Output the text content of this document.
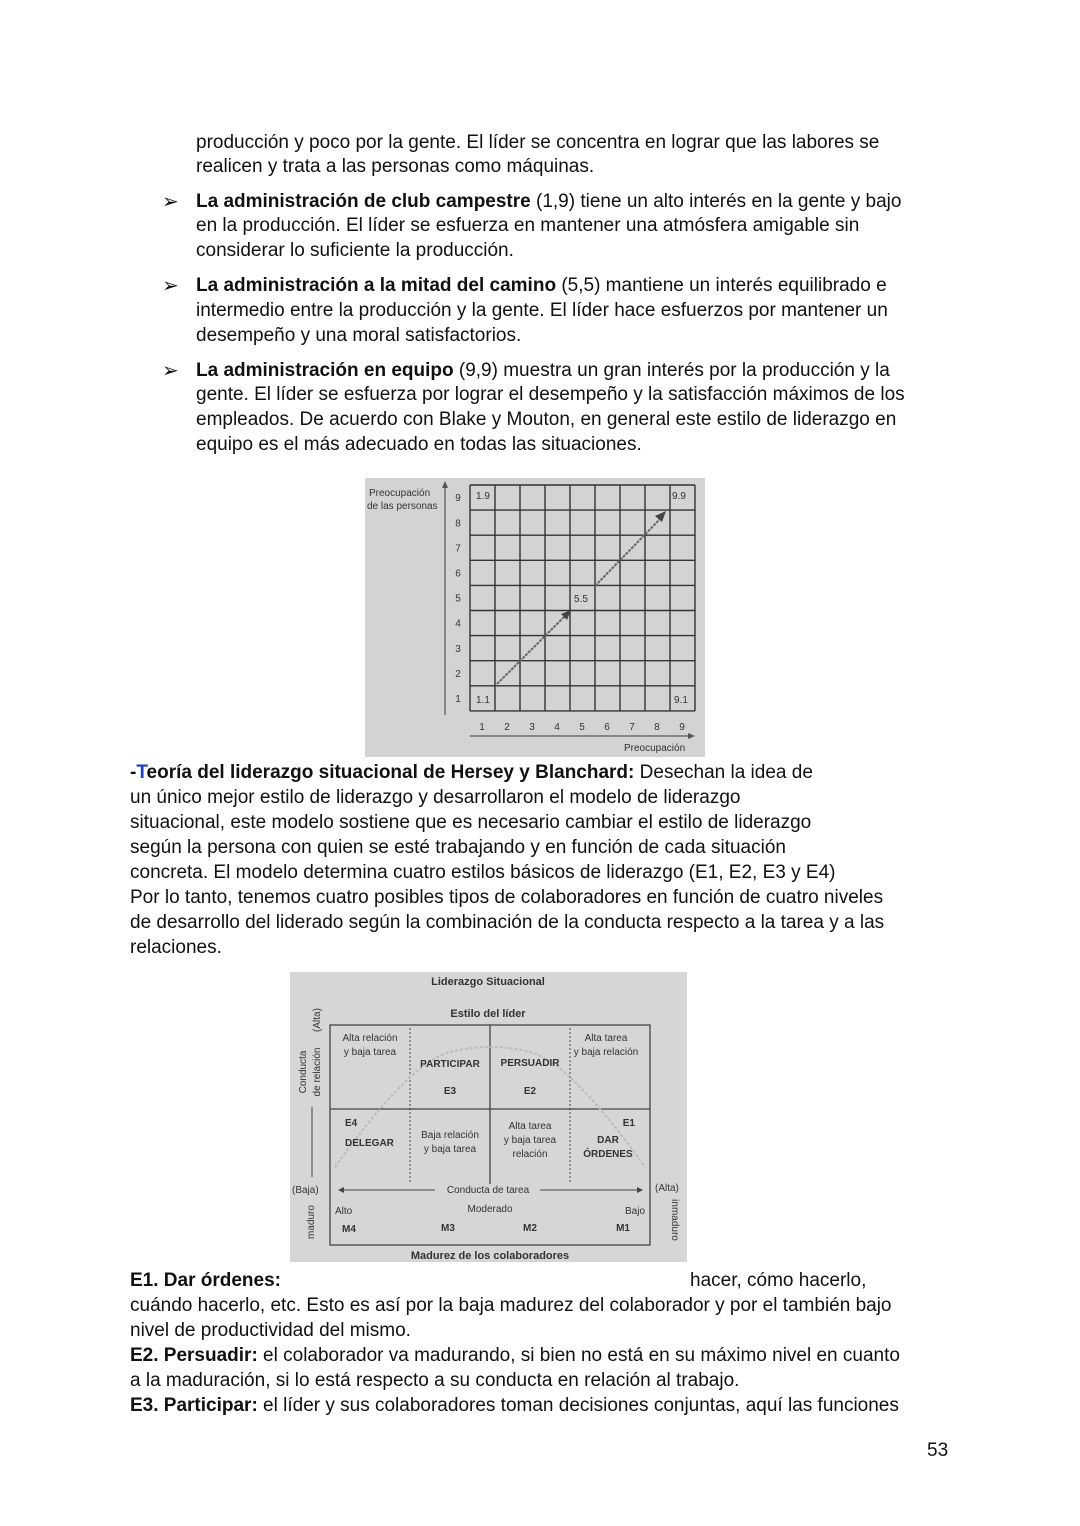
producción y poco por la gente. El líder se concentra en lograr que las labores se
realicen y trata a las personas como máquinas.
➢ La administración de club campestre (1,9) tiene un alto interés en la gente y bajo
en la producción. El líder se esfuerza en mantener una atmósfera amigable sin
considerar lo suficiente la producción.
➢ La administración a la mitad del camino (5,5) mantiene un interés equilibrado e
intermedio entre la producción y la gente. El líder hace esfuerzos por mantener un
desempeño y una moral satisfactorios.
➢ La administración en equipo (9,9) muestra un gran interés por la producción y la
gente. El líder se esfuerza por lograr el desempeño y la satisfacción máximos de los
empleados. De acuerdo con Blake y Mouton, en general este estilo de liderazgo en
equipo es el más adecuado en todas las situaciones.
Preocupación
de las personas
1.9	9.9
5.5
1.1	9.1
1
1
2
2
3
3
4
4
5
5
6
6
7
7
8
8
9
9
Preocupación
-Teoría del liderazgo situacional de Hersey y Blanchard: Desechan la idea de
un único mejor estilo de liderazgo y desarrollaron el modelo de liderazgo
situacional, este modelo sostiene que es necesario cambiar el estilo de liderazgo
según la persona con quien se esté trabajando y en función de cada situación
concreta. El modelo determina cuatro estilos básicos de liderazgo (E1, E2, E3 y E4)
Por lo tanto, tenemos cuatro posibles tipos de colaboradores en función de cuatro niveles
de desarrollo del liderado según la combinación de la conducta respecto a la tarea y a las
relaciones.
Liderazgo Situacional
Estilo del líder
Alta relación
y baja tarea
PARTICIPAR
E3
PERSUADIR
E2
Alta tarea
y baja relación
E4
DELEGAR
Baja relación
y baja tarea
Alta tarea
y baja tarea
relación
E1
DAR
ÓRDENES
Conducta de relación
(Alta)
(Baja)	(Alta)
Conducta de tarea
Alto	Moderado	Bajo
M4	M3	M2	M1
maduro	inmaduro
Madurez de los colaboradores
E1. Dar órdenes:	hacer, cómo hacerlo,
cuándo hacerlo, etc. Esto es así por la baja madurez del colaborador y por el también bajo
nivel de productividad del mismo.
E2. Persuadir: el colaborador va madurando, si bien no está en su máximo nivel en cuanto
a la maduración, si lo está respecto a su conducta en relación al trabajo.
E3. Participar: el líder y sus colaboradores toman decisiones conjuntas, aquí las funciones
53
